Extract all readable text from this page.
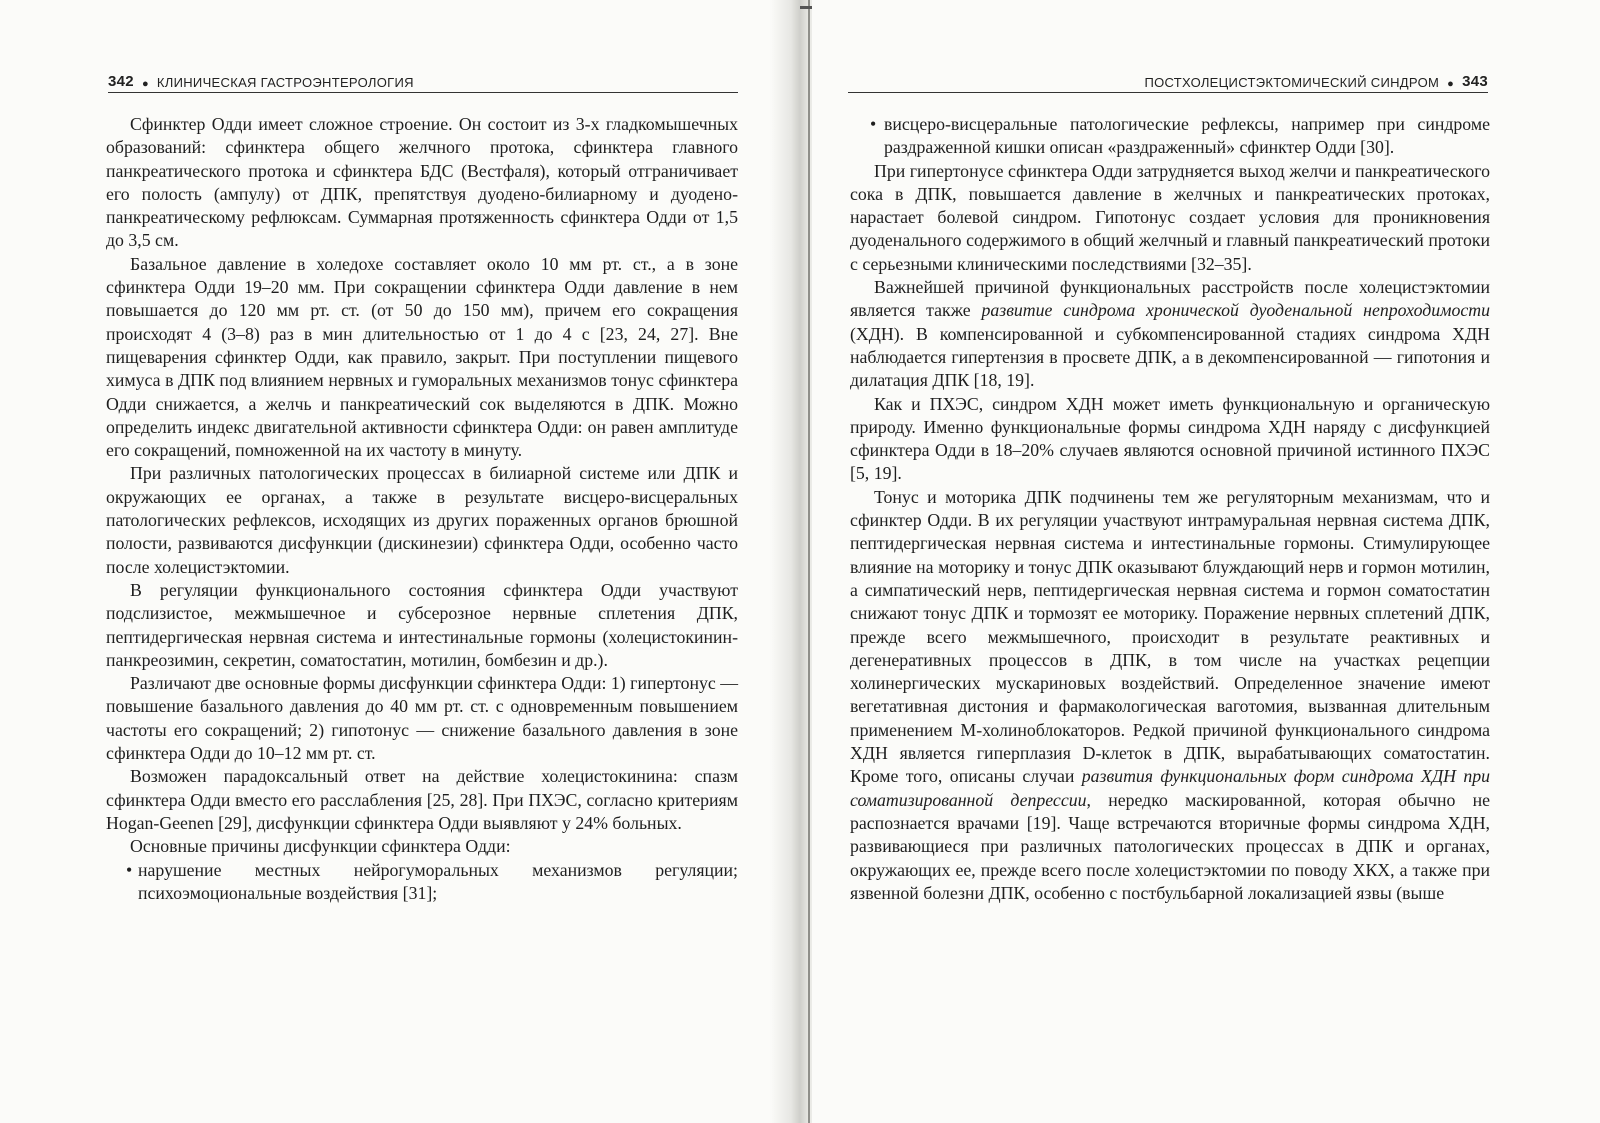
342 ● КЛИНИЧЕСКАЯ ГАСТРОЭНТЕРОЛОГИЯ

Сфинктер Одди имеет сложное строение. Он состоит из 3-х гладкомышечных образований: сфинктера общего желчного протока, сфинктера главного панкреатического протока и сфинктера БДС (Вестфаля), который отграничивает его полость (ампулу) от ДПК, препятствуя дуодено-билиарному и дуодено-панкреатическому рефлюксам. Суммарная протяженность сфинктера Одди от 1,5 до 3,5 см.

Базальное давление в холедохе составляет около 10 мм рт. ст., а в зоне сфинктера Одди 19–20 мм. При сокращении сфинктера Одди давление в нем повышается до 120 мм рт. ст. (от 50 до 150 мм), причем его сокращения происходят 4 (3–8) раз в мин длительностью от 1 до 4 с [23, 24, 27]. Вне пищеварения сфинктер Одди, как правило, закрыт. При поступлении пищевого химуса в ДПК под влиянием нервных и гуморальных механизмов тонус сфинктера Одди снижается, а желчь и панкреатический сок выделяются в ДПК. Можно определить индекс двигательной активности сфинктера Одди: он равен амплитуде его сокращений, помноженной на их частоту в минуту.

При различных патологических процессах в билиарной системе или ДПК и окружающих ее органах, а также в результате висцеро-висцеральных патологических рефлексов, исходящих из других пораженных органов брюшной полости, развиваются дисфункции (дискинезии) сфинктера Одди, особенно часто после холецистэктомии.

В регуляции функционального состояния сфинктера Одди участвуют подслизистое, межмышечное и субсерозное нервные сплетения ДПК, пептидергическая нервная система и интестинальные гормоны (холецистокинин-панкреозимин, секретин, соматостатин, мотилин, бомбезин и др.).

Различают две основные формы дисфункции сфинктера Одди: 1) гипертонус — повышение базального давления до 40 мм рт. ст. с одновременным повышением частоты его сокращений; 2) гипотонус — снижение базального давления в зоне сфинктера Одди до 10–12 мм рт. ст.

Возможен парадоксальный ответ на действие холецистокинина: спазм сфинктера Одди вместо его расслабления [25, 28]. При ПХЭС, согласно критериям Hogan-Geenen [29], дисфункции сфинктера Одди выявляют у 24% больных.

Основные причины дисфункции сфинктера Одди:

• нарушение местных нейрогуморальных механизмов регуляции; психоэмоциональные воздействия [31];

ПОСТХОЛЕЦИСТЭКТОМИЧЕСКИЙ СИНДРОМ ● 343

• висцеро-висцеральные патологические рефлексы, например при синдроме раздраженной кишки описан «раздраженный» сфинктер Одди [30].

При гипертонусе сфинктера Одди затрудняется выход желчи и панкреатического сока в ДПК, повышается давление в желчных и панкреатических протоках, нарастает болевой синдром. Гипотонус создает условия для проникновения дуоденального содержимого в общий желчный и главный панкреатический протоки с серьезными клиническими последствиями [32–35].

Важнейшей причиной функциональных расстройств после холецистэктомии является также развитие синдрома хронической дуоденальной непроходимости (ХДН). В компенсированной и субкомпенсированной стадиях синдрома ХДН наблюдается гипертензия в просвете ДПК, а в декомпенсированной — гипотония и дилатация ДПК [18, 19].

Как и ПХЭС, синдром ХДН может иметь функциональную и органическую природу. Именно функциональные формы синдрома ХДН наряду с дисфункцией сфинктера Одди в 18–20% случаев являются основной причиной истинного ПХЭС [5, 19].

Тонус и моторика ДПК подчинены тем же регуляторным механизмам, что и сфинктер Одди. В их регуляции участвуют интрамуральная нервная система ДПК, пептидергическая нервная система и интестинальные гормоны. Стимулирующее влияние на моторику и тонус ДПК оказывают блуждающий нерв и гормон мотилин, а симпатический нерв, пептидергическая нервная система и гормон соматостатин снижают тонус ДПК и тормозят ее моторику. Поражение нервных сплетений ДПК, прежде всего межмышечного, происходит в результате реактивных и дегенеративных процессов в ДПК, в том числе на участках рецепции холинергических мускариновых воздействий. Определенное значение имеют вегетативная дистония и фармакологическая ваготомия, вызванная длительным применением М-холиноблокаторов. Редкой причиной функционального синдрома ХДН является гиперплазия D-клеток в ДПК, вырабатывающих соматостатин. Кроме того, описаны случаи развития функциональных форм синдрома ХДН при соматизированной депрессии, нередко маскированной, которая обычно не распознается врачами [19]. Чаще встречаются вторичные формы синдрома ХДН, развивающиеся при различных патологических процессах в ДПК и органах, окружающих ее, прежде всего после холецистэктомии по поводу ХКХ, а также при язвенной болезни ДПК, особенно с постбульбарной локализацией язвы (выше
